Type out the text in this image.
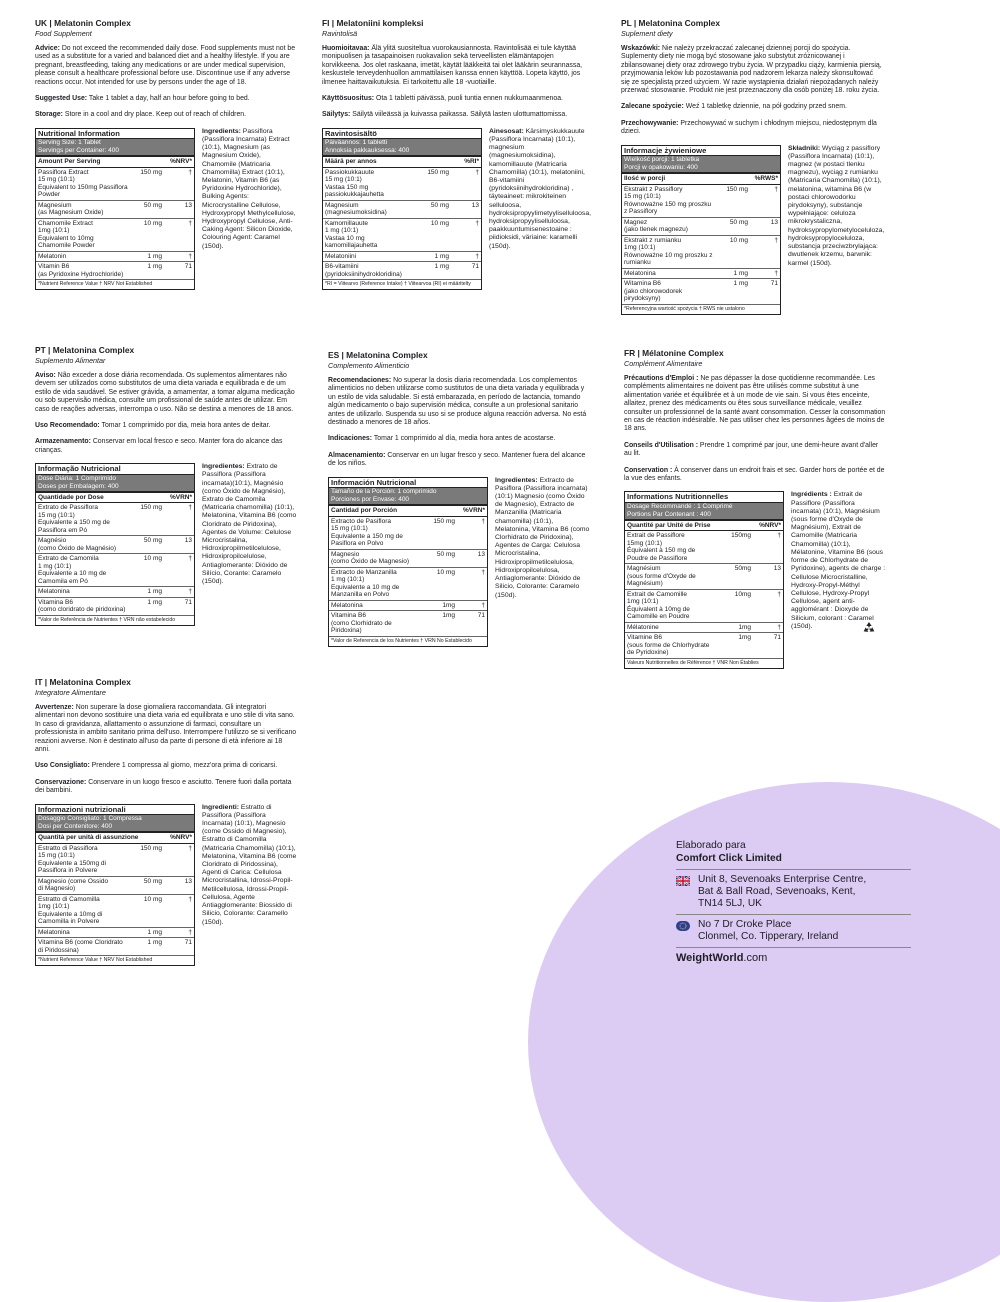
UK | Melatonin Complex

Food Supplement

Advice: Do not exceed the recommended daily dose. Food supplements must not be used as a substitute for a varied and balanced diet and a healthy lifestyle. If you are pregnant, breastfeeding, taking any medications or are under medical supervision, please consult a healthcare professional before use. Discontinue use if any adverse reactions occur. Not intended for use by persons under the age of 18.

Suggested Use: Take 1 tablet a day, half an hour before going to bed.

Storage: Store in a cool and dry place. Keep out of reach of children.

Nutritional Information
Serving Size: 1 Tablet
Servings per Container: 400
Amount Per Serving	%NRV*
Passiflora Extract
15 mg (10:1)
Equivalent to 150mg Passiflora Powder
150 mg	†
Magnesium
(as Magnesium Oxide)
50 mg	13
Chamomile Extract
1mg (10:1)
Equivalent to 10mg Chamomile Powder
10 mg	†
Melatonin	1 mg	†
Vitamin B6
(as Pyridoxine Hydrochloride)
1 mg	71
*Nutrient Reference Value † NRV Not Established
Ingredients: Passiflora (Passiflora Incarnata) Extract (10:1), Magnesium (as Magnesium Oxide), Chamomile (Matricaria Chamomilla) Extract (10:1), Melatonin, Vitamin B6 (as Pyridoxine Hydrochloride), Bulking Agents: Microcrystalline Cellulose, Hydroxypropyl Methylcellulose, Hydroxypropyl Cellulose, Anti-Caking Agent: Silicon Dioxide, Colouring Agent: Caramel (150d).

FI | Melatoniini kompleksi

Ravintolisä

Huomioitavaa: Älä ylitä suositeltua vuorokausiannosta. Ravintolisää ei tule käyttää monipuolisen ja tasapainoisen ruokavalion sekä terveellisten elämäntapojen korvikkeena. Jos olet raskaana, imetät, käytät lääkkeitä tai olet lääkärin seurannassa, keskustele terveydenhuollon ammattilaisen kanssa ennen käyttöä. Lopeta käyttö, jos ilmenee haittavaikutuksia. Ei tarkoitettu alle 18 -vuotiaille.

Käyttösuositus: Ota 1 tabletti päivässä, puoli tuntia ennen nukkumaanmenoa.

Säilytys: Säilytä viileässä ja kuivassa paikassa. Säilytä lasten ulottumattomissa.

Ravintosisältö
Päiväannos: 1 tabletti
Annoksia pakkauksessa: 400
Määrä per annos	%RI*
Passiokukkauute
15 mg (10:1)
Vastaa 150 mg passiokukkajauhetta
150 mg	†
Magnesium
(magnesiumoksidina)
50 mg	13
Kamomillauute
1 mg (10:1)
Vastaa 10 mg kamomillajauhetta
10 mg	†
Melatoniini	1 mg	†
B6-vitamiini
(pyridoksiinihydrokloridina)
1 mg	71
*RI = Viitearvo (Reference Intake) † Viitearvoa (RI) ei määritelty
Ainesosat: Kärsimyskukkauute (Passiflora Incarnata) (10:1), magnesium (magnesiumoksidina), kamomillauute (Matricaria Chamomilla) (10:1), melatoniini, B6-vitamiini (pyridoksiinihydrokloridina) , täyteaineet: mikrokiteinen selluloosa, hydroksipropyylimetyyliselluloosa, hydroksipropyyliselluloosa, paakkuuntumisenestoaine : piidioksidi, väriaine: karamelli (150d).

PL | Melatonina Complex

Suplement diety

Wskazówki: Nie należy przekraczać zalecanej dziennej porcji do spożycia. Suplementy diety nie mogą być stosowane jako substytut zróżnicowanej i zbilansowanej diety oraz zdrowego trybu życia. W przypadku ciąży, karmienia piersią, przyjmowania leków lub pozostawania pod nadzorem lekarza należy skonsultować się ze specjalistą przed użyciem. W razie wystąpienia działań niepożądanych należy przerwać stosowanie. Produkt nie jest przeznaczony dla osób poniżej 18. roku życia.

Zalecane spożycie: Weź 1 tabletkę dziennie, na pół godziny przed snem.

Przechowywanie: Przechowywać w suchym i chłodnym miejscu, niedostępnym dla dzieci.

Informacje żywieniowe
Wielkość porcji: 1 tabletka
Porcji w opakowaniu: 400
Ilość w porcji	%RWS*
Ekstrakt z Passiflory
15 mg (10:1)
Równoważne 150 mg proszku z Passiflory
150 mg	†
Magnez
(jako tlenek magnezu)
50 mg	13
Ekstrakt z rumianku
1mg (10:1)
Równoważne 10 mg proszku z rumianku
10 mg	†
Melatonina	1 mg	†
Witamina B6
(jako chlorowodorek pirydoksyny)
1 mg	71
*Referencyjna wartość spożycia † RWS nie ustalono
Składniki: Wyciąg z passiflory (Passiflora Incarnata) (10:1), magnez (w postaci tlenku magnezu), wyciąg z rumianku (Matricaria Chamomilla) (10:1), melatonina, witamina B6 (w postaci chlorowodorku pirydoksyny), substancje wypełniające: celuloza mikrokrystaliczna, hydroksypropylometyloceluloza, hydroksypropyloceluloza, substancja przeciwzbrylająca: dwutlenek krzemu, barwnik: karmel (150d).

PT | Melatonina Complex

Suplemento Alimentar

Aviso: Não exceder a dose diária recomendada. Os suplementos alimentares não devem ser utilizados como substitutos de uma dieta variada e equilibrada e de um estilo de vida saudável. Se estiver grávida, a amamentar, a tomar alguma medicação ou sob supervisão médica, consulte um profissional de saúde antes de utilizar. Em caso de reações adversas, interrompa o uso. Não se destina a menores de 18 anos.

Uso Recomendado: Tomar 1 comprimido por dia, meia hora antes de deitar.

Armazenamento: Conservar em local fresco e seco. Manter fora do alcance das crianças.

Informação Nutricional
Dose Diária: 1 Comprimido
Doses por Embalagem: 400
Quantidade por Dose	%VRN*
Extrato de Passiflora
15 mg (10:1)
Equivalente a 150 mg de Passiflora em Pó
150 mg	†
Magnésio
(como Óxido de Magnésio)
50 mg	13
Extrato de Camomila
1 mg (10:1)
Equivalente a 10 mg de Camomila em Pó
10 mg	†
Melatonina	1 mg	†
Vitamina B6
(como cloridrato de piridoxina)
1 mg	71
*Valor de Referência de Nutrientes † VRN não estabelecido
Ingredientes: Extrato de Passiflora (Passiflora incarnata)(10:1), Magnésio (como Óxido de Magnésio), Extrato de Camomila (Matricaria chamomilla) (10:1), Melatonina, Vitamina B6 (como Cloridrato de Piridoxina), Agentes de Volume: Celulose Microcristalina, Hidroxipropilmetilcelulose, Hidroxipropilcelulose, Antiaglomerante: Dióxido de Silício, Corante: Caramelo (150d).

ES | Melatonina Complex

Complemento Alimenticio

Recomendaciones: No superar la dosis diaria recomendada. Los complementos alimenticios no deben utilizarse como sustitutos de una dieta variada y equilibrada y un estilo de vida saludable. Si está embarazada, en período de lactancia, tomando algún medicamento o bajo supervisión médica, consulte a un profesional sanitario antes de utilizarlo. Suspenda su uso si se produce alguna reacción adversa. No está destinado a menores de 18 años.

Indicaciones: Tomar 1 comprimido al día, media hora antes de acostarse.

Almacenamiento: Conservar en un lugar fresco y seco. Mantener fuera del alcance de los niños.

Información Nutricional
Tamaño de la Porción: 1 comprimido
Porciones por Envase: 400
Cantidad por Porción	%VRN*
Extracto de Pasiflora
15 mg (10:1)
Equivalente a 150 mg de Pasiflora en Polvo
150 mg	†
Magnesio
(como Óxido de Magnesio)
50 mg	13
Extracto de Manzanilla
1 mg (10:1)
Equivalente a 10 mg de Manzanilla en Polvo
10 mg	†
Melatonina	1mg	†
Vitamina B6
(como Clorhidrato de Piridoxina)
1mg	71
*Valor de Referencia de los Nutrientes † VRN No Establecido
Ingredientes: Extracto de Pasiflora (Passiflora incarnata) (10:1) Magnesio (como Óxido de Magnesio), Extracto de Manzanilla (Matricaria chamomilla) (10:1), Melatonina, Vitamina B6 (como Clorhidrato de Piridoxina), Agentes de Carga: Celulosa Microcristalina, Hidroxipropilmetilcelulosa, Hidroxipropilcelulosa, Antiaglomerante: Dióxido de Silicio, Colorante: Caramelo (150d).

FR | Mélatonine Complex

Complément Alimentaire

Précautions d'Emploi : Ne pas dépasser la dose quotidienne recommandée. Les compléments alimentaires ne doivent pas être utilisés comme substitut à une alimentation variée et équilibrée et à un mode de vie sain. Si vous êtes enceinte, allaitez, prenez des médicaments ou êtes sous surveillance médicale, veuillez consulter un professionnel de la santé avant consommation. Cesser la consommation en cas de réaction indésirable. Ne pas utiliser chez les personnes âgées de moins de 18 ans.

Conseils d'Utilisation : Prendre 1 comprimé par jour, une demi-heure avant d'aller au lit.

Conservation : À conserver dans un endroit frais et sec. Garder hors de portée et de la vue des enfants.

Informations Nutritionnelles
Dosage Recommandé : 1 Comprimé
Portions Par Contenant : 400
Quantité par Unité de Prise	%NRV*
Extrait de Passiflore
15mg (10:1)
Équivalent à 150 mg de Poudre de Passiflore
150mg	†
Magnésium
(sous forme d'Oxyde de Magnésium)
50mg	13
Extrait de Camomille
1mg (10:1)
Équivalent à 10mg de Camomille en Poudre
10mg	†
Mélatonine	1mg	†
Vitamine B6
(sous forme de Chlorhydrate de Pyridoxine)
1mg	71
Valeurs Nutritionnelles de Référence † VNR Non Établies
Ingrédients : Extrait de Passiflore (Passiflora incarnata) (10:1), Magnésium (sous forme d'Oxyde de Magnésium), Extrait de Camomille (Matricaria Chamomilla) (10:1), Mélatonine, Vitamine B6 (sous forme de Chlorhydrate de Pyridoxine), agents de charge : Cellulose Microcristalline, Hydroxy-Propyl-Méthyl Cellulose, Hydroxy-Propyl Cellulose, agent anti-agglomérant : Dioxyde de Silicium, colorant : Caramel (150d).

IT | Melatonina Complex

Integratore Alimentare

Avvertenze: Non superare la dose giornaliera raccomandata. Gli integratori alimentari non devono sostituire una dieta varia ed equilibrata e uno stile di vita sano. In caso di gravidanza, allattamento o assunzione di farmaci, consultare un professionista in ambito sanitario prima dell'uso. Interrompere l'utilizzo se si verificano reazioni avverse. Non è destinato all'uso da parte di persone di età inferiore ai 18 anni.

Uso Consigliato: Prendere 1 compressa al giorno, mezz'ora prima di coricarsi.

Conservazione: Conservare in un luogo fresco e asciutto. Tenere fuori dalla portata dei bambini.

Informazioni nutrizionali
Dosaggio Consigliato: 1 Compressa
Dosi per Contenitore: 400
Quantità per unità di assunzione	%NRV*
Estratto di Passiflora
15 mg (10:1)
Equivalente a 150mg di Passiflora in Polvere
150 mg	†
Magnesio (come Ossido
di Magnesio)
50 mg	13
Estratto di Camomilla
1mg (10:1)
Equivalente a 10mg di Camomilla in Polvere
10 mg	†
Melatonina	1 mg	†
Vitamina B6 (come Cloridrato
di Piridossina)
1 mg	71
*Nutrient Reference Value † NRV Not Established
Ingredienti: Estratto di Passiflora (Passiflora Incarnata) (10:1), Magnesio (come Ossido di Magnesio), Estratto di Camomilla (Matricaria Chamomilla) (10:1), Melatonina, Vitamina B6 (come Cloridrato di Piridossina), Agenti di Carica: Cellulosa Microcristallina, Idrossi-Propil-Metilcellulosa, Idrossi-Propil-Cellulosa, Agente Antiagglomerante: Biossido di Silicio, Colorante: Caramello (150d).
Elaborado para
Comfort Click Limited
Unit 8, Sevenoaks Enterprise Centre,
Bat & Ball Road, Sevenoaks, Kent,
TN14 5LJ, UK
No 7 Dr Croke Place
Clonmel, Co. Tipperary, Ireland
WeightWorld.com
